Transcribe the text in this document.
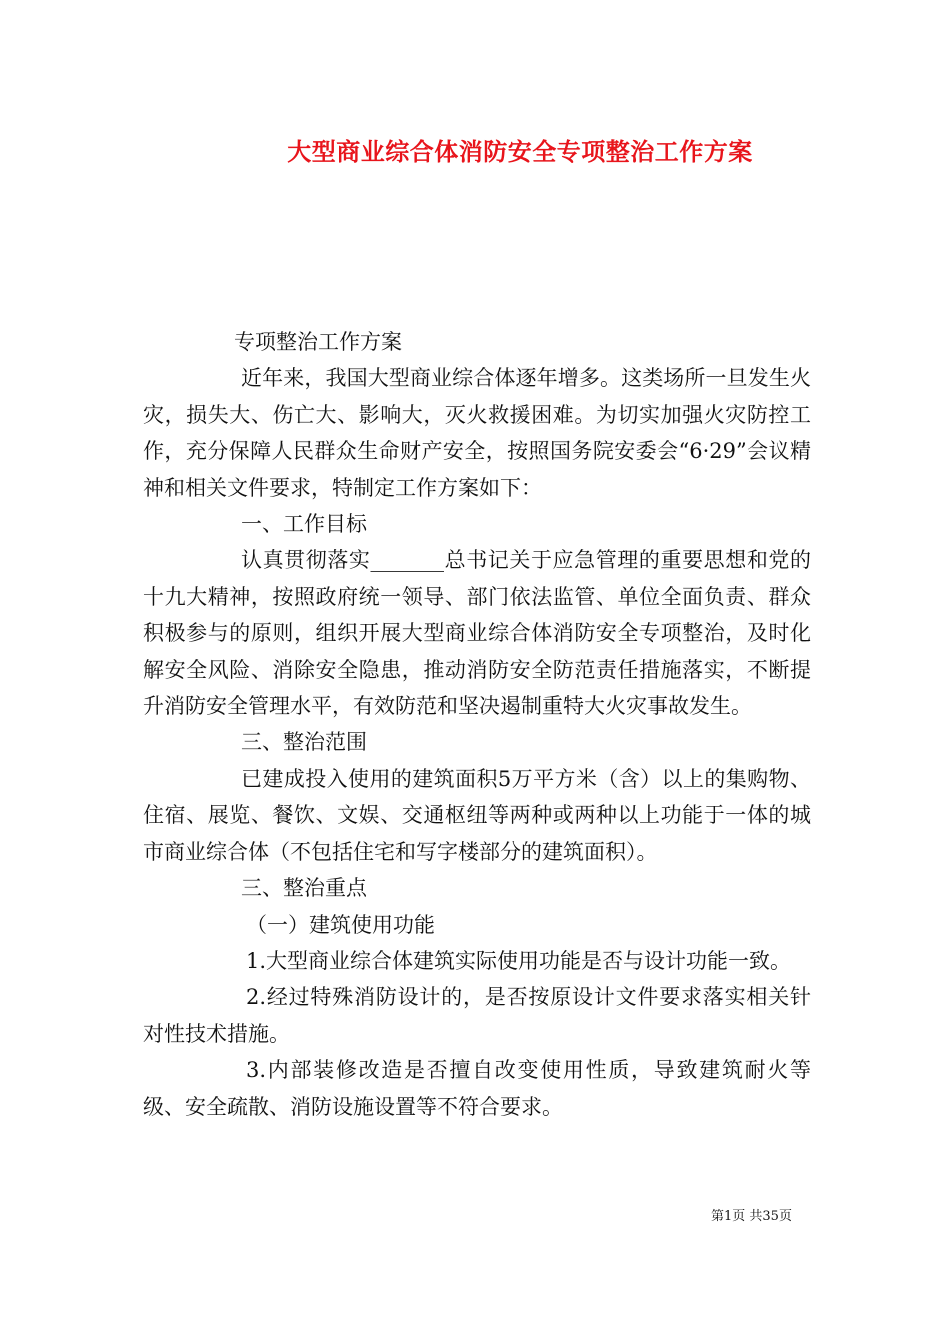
大型商业综合体消防安全专项整治工作方案

专项整治工作方案

近年来，我国大型商业综合体逐年增多。这类场所一旦发生火灾，损失大、伤亡大、影响大，灭火救援困难。为切实加强火灾防控工作，充分保障人民群众生命财产安全，按照国务院安委会“6·29”会议精神和相关文件要求，特制定工作方案如下：

一、工作目标

认真贯彻落实_______总书记关于应急管理的重要思想和党的十九大精神，按照政府统一领导、部门依法监管、单位全面负责、群众积极参与的原则，组织开展大型商业综合体消防安全专项整治，及时化解安全风险、消除安全隐患，推动消防安全防范责任措施落实，不断提升消防安全管理水平，有效防范和坚决遏制重特大火灾事故发生。

三、整治范围

已建成投入使用的建筑面积5万平方米（含）以上的集购物、住宿、展览、餐饮、文娱、交通枢纽等两种或两种以上功能于一体的城市商业综合体（不包括住宅和写字楼部分的建筑面积）。

三、整治重点

（一）建筑使用功能

1.大型商业综合体建筑实际使用功能是否与设计功能一致。

2.经过特殊消防设计的，是否按原设计文件要求落实相关针对性技术措施。

3.内部装修改造是否擅自改变使用性质，导致建筑耐火等级、安全疏散、消防设施设置等不符合要求。

第1页 共35页
